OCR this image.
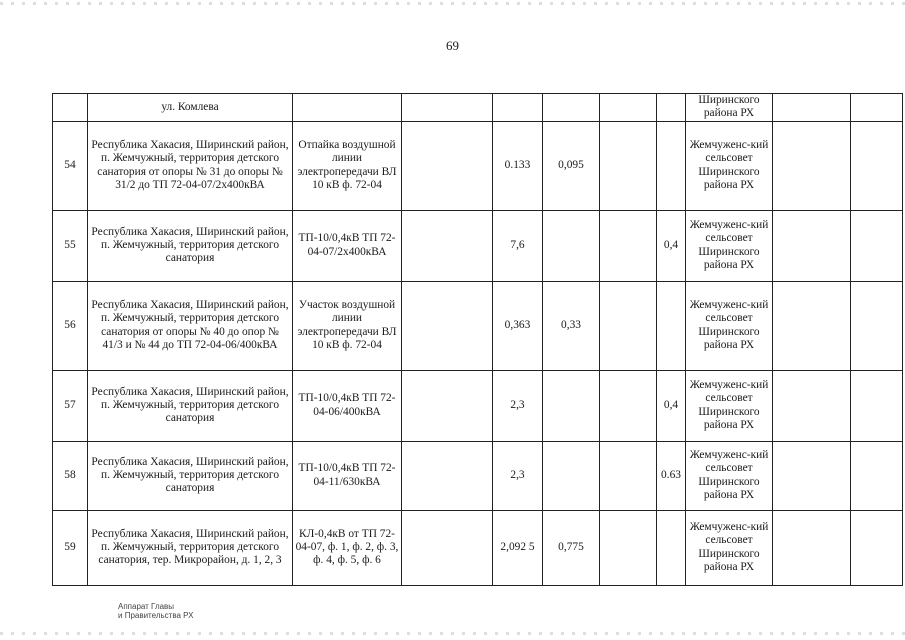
69
	ул. Комлева							Ширинского района РХ		
54	Республика Хакасия, Ширинский район, п. Жемчужный, территория детского санатория от опоры № 31 до опоры № 31/2 до ТП 72-04-07/2х400кВА	Отпайка воздушной линии электропередачи ВЛ 10 кВ ф. 72-04		0.133	0,095			Жемчуженс-кий сельсовет Ширинского района РХ		
55	Республика Хакасия, Ширинский район, п. Жемчужный, территория детского санатория	ТП-10/0,4кВ ТП 72-04-07/2х400кВА		7,6			0,4	Жемчуженс-кий сельсовет Ширинского района РХ		
56	Республика Хакасия, Ширинский район, п. Жемчужный, территория детского санатория от опоры № 40 до опор № 41/3 и № 44 до ТП 72-04-06/400кВА	Участок воздушной линии электропередачи ВЛ 10 кВ ф. 72-04		0,363	0,33			Жемчуженс-кий сельсовет Ширинского района РХ		
57	Республика Хакасия, Ширинский район, п. Жемчужный, территория детского санатория	ТП-10/0,4кВ ТП 72-04-06/400кВА		2,3			0,4	Жемчуженс-кий сельсовет Ширинского района РХ		
58	Республика Хакасия, Ширинский район, п. Жемчужный, территория детского санатория	ТП-10/0,4кВ ТП 72-04-11/630кВА		2,3			0.63	Жемчуженс-кий сельсовет Ширинского района РХ		
59	Республика Хакасия, Ширинский район, п. Жемчужный, территория детского санатория, тер. Микрорайон, д. 1, 2, 3	КЛ-0,4кВ от ТП 72-04-07, ф. 1, ф. 2, ф. 3, ф. 4, ф. 5, ф. 6		2,092 5	0,775			Жемчуженс-кий сельсовет Ширинского района РХ		
Аппарат Главы
и Правительства РХ
